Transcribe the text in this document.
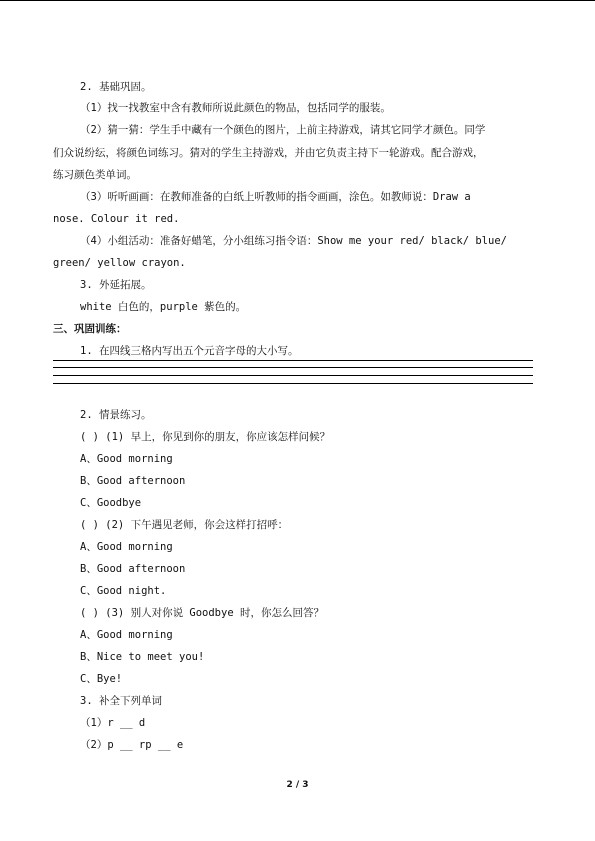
2. 基础巩固。
（1）找一找教室中含有教师所说此颜色的物品，包括同学的服装。
（2）猜一猜：学生手中藏有一个颜色的图片，上前主持游戏，请其它同学才颜色。同学
们众说纷纭，将颜色词练习。猜对的学生主持游戏，并由它负责主持下一轮游戏。配合游戏，
练习颜色类单词。
（3）听听画画：在教师准备的白纸上听教师的指令画画，涂色。如教师说：Draw a
nose. Colour it red.
（4）小组活动：准备好蜡笔，分小组练习指令语：Show me your red/ black/ blue/
green/ yellow crayon.
3. 外延拓展。
white 白色的，purple 紫色的。
三、巩固训练：
1. 在四线三格内写出五个元音字母的大小写。
2. 情景练习。
( ) (1) 早上，你见到你的朋友，你应该怎样问候？
A、Good morning
B、Good afternoon
C、Goodbye
( ) (2) 下午遇见老师，你会这样打招呼：
A、Good morning
B、Good afternoon
C、Good night.
( ) (3) 别人对你说 Goodbye 时，你怎么回答？
A、Good morning
B、Nice to meet you!
C、Bye!
3. 补全下列单词
（1）r __ d
（2）p __ rp __ e
2 / 3
